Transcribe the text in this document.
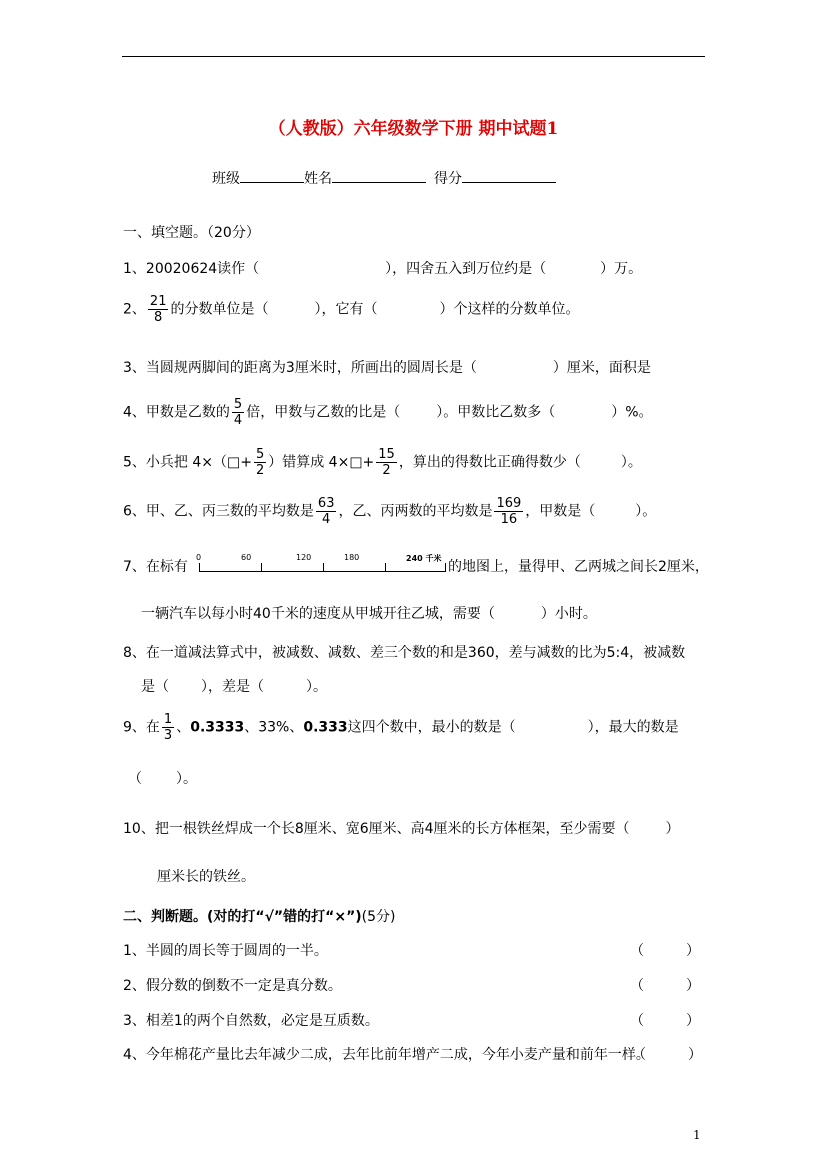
（人教版）六年级数学下册 期中试题1
班级	姓名	得分
一、填空题。（20分）
1、20020624读作（	），四舍五入到万位约是（	）万。
2、 $\frac{21}{8}$ 的分数单位是（	），它有（	）个这样的分数单位。
3、当圆规两脚间的距离为3厘米时，所画出的圆周长是（	）厘米，面积是
4、甲数是乙数的 $\frac{5}{4}$ 倍，甲数与乙数的比是（	）。甲数比乙数多（	）%。
5、小兵把 4×（□+ $\frac{5}{2}$ ）错算成 4×□+ $\frac{15}{2}$ ，算出的得数比正确得数少（	）。
6、甲、乙、丙三数的平均数是 $\frac{63}{4}$ ，乙、丙两数的平均数是 $\frac{169}{16}$ ，甲数是（	）。
7、在标有
0	60	120	180	240 千米
的地图上，量得甲、乙两城之间长2厘米，
一辆汽车以每小时40千米的速度从甲城开往乙城，需要（	）小时。
8、在一道减法算式中，被减数、减数、差三个数的和是360，差与减数的比为5:4，被减数
是（ ），差是（	）。
9、在 $\frac{1}{3}$ 、0.3333、33%、0.333这四个数中，最小的数是（	），最大的数是
（ ）。
10、把一根铁丝焊成一个长8厘米、宽6厘米、高4厘米的长方体框架，至少需要（	）
厘米长的铁丝。
二、判断题。(对的打“√”错的打“×”)(5分)
1、半圆的周长等于圆周的一半。	（　　　）
2、假分数的倒数不一定是真分数。	（　　　）
3、相差1的两个自然数，必定是互质数。	（　　　）
4、今年棉花产量比去年减少二成，去年比前年增产二成，今年小麦产量和前年一样。
（　　　）
1
